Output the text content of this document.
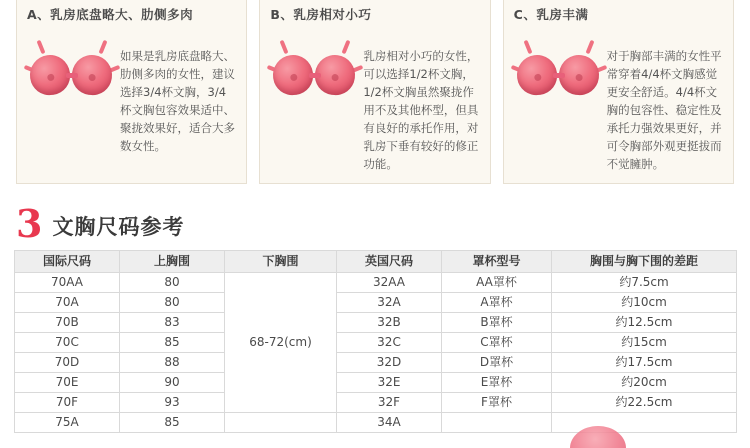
A、乳房底盘略大、肋侧多肉
如果是乳房底盘略大、肋侧多肉的女性，建议选择3/4杯文胸，3/4杯文胸包容效果适中、聚拢效果好，适合大多数女性。
B、乳房相对小巧
乳房相对小巧的女性，可以选择1/2杯文胸，1/2杯文胸虽然聚拢作用不及其他杯型，但具有良好的承托作用，对乳房下垂有较好的修正功能。
C、乳房丰满
对于胸部丰满的女性平常穿着4/4杯文胸感觉更安全舒适。4/4杯文胸的包容性、稳定性及承托力强效果更好，并可令胸部外观更挺拔而不觉臃肿。
3 文胸尺码参考
国际尺码	上胸围	下胸围	英国尺码	罩杯型号	胸围与胸下围的差距
70AA	80	68-72(cm)	32AA	AA罩杯	约7.5cm
70A	80		32A	A罩杯	约10cm
70B	83		32B	B罩杯	约12.5cm
70C	85		32C	C罩杯	约15cm
70D	88		32D	D罩杯	约17.5cm
70E	90		32E	E罩杯	约20cm
70F	93		32F	F罩杯	约22.5cm
75A	85		34A		
